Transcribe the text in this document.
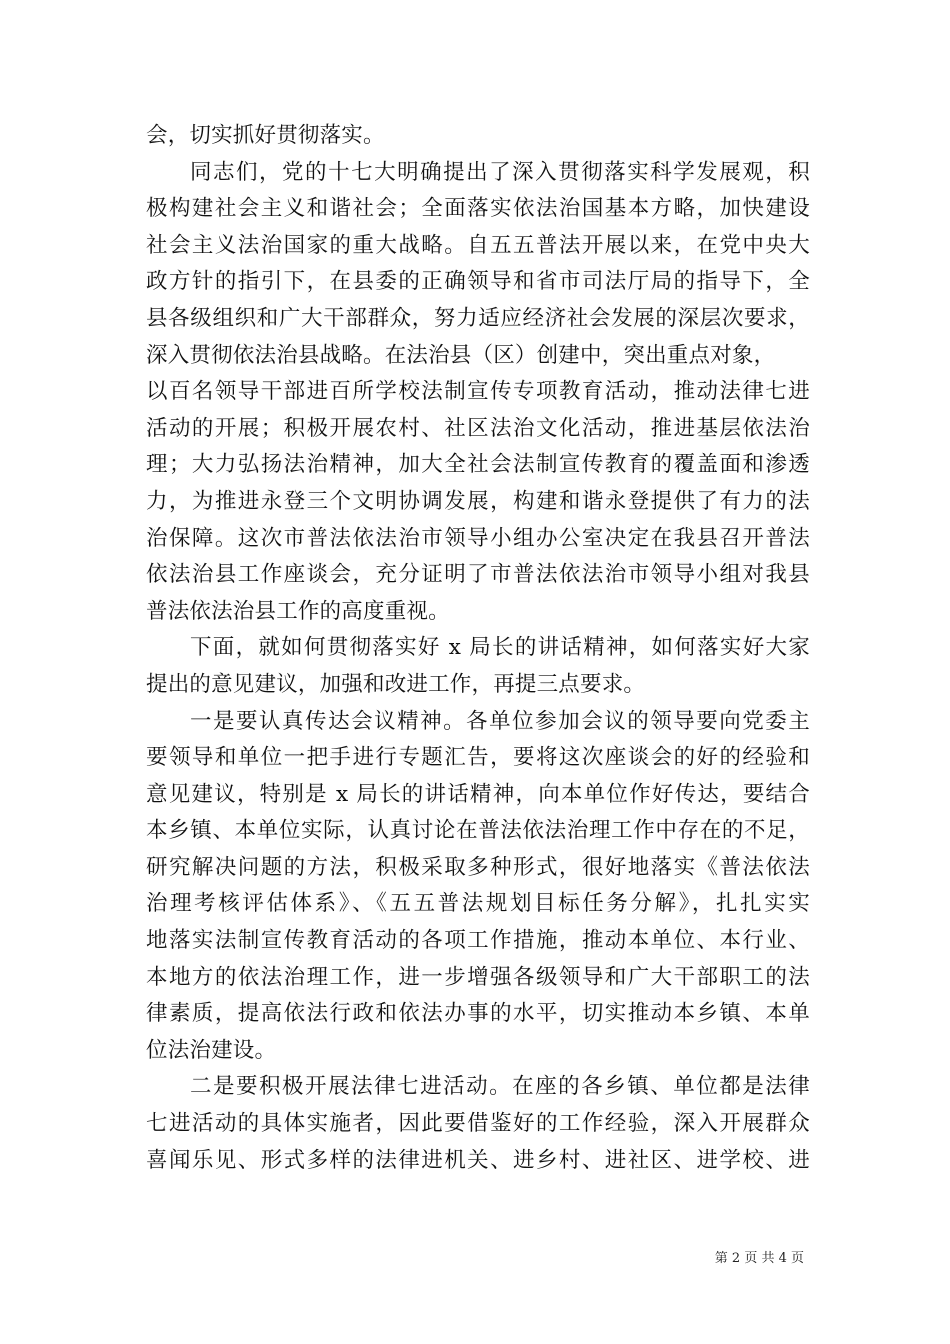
会，切实抓好贯彻落实。
同志们，党的十七大明确提出了深入贯彻落实科学发展观，积
极构建社会主义和谐社会；全面落实依法治国基本方略，加快建设
社会主义法治国家的重大战略。自五五普法开展以来，在党中央大
政方针的指引下，在县委的正确领导和省市司法厅局的指导下，全
县各级组织和广大干部群众，努力适应经济社会发展的深层次要求，
深入贯彻依法治县战略。在法治县（区）创建中，突出重点对象，
以百名领导干部进百所学校法制宣传专项教育活动，推动法律七进
活动的开展；积极开展农村、社区法治文化活动，推进基层依法治
理；大力弘扬法治精神，加大全社会法制宣传教育的覆盖面和渗透
力，为推进永登三个文明协调发展，构建和谐永登提供了有力的法
治保障。这次市普法依法治市领导小组办公室决定在我县召开普法
依法治县工作座谈会，充分证明了市普法依法治市领导小组对我县
普法依法治县工作的高度重视。
下面，就如何贯彻落实好 x 局长的讲话精神，如何落实好大家
提出的意见建议，加强和改进工作，再提三点要求。
一是要认真传达会议精神。各单位参加会议的领导要向党委主
要领导和单位一把手进行专题汇告，要将这次座谈会的好的经验和
意见建议，特别是 x 局长的讲话精神，向本单位作好传达，要结合
本乡镇、本单位实际，认真讨论在普法依法治理工作中存在的不足，
研究解决问题的方法，积极采取多种形式，很好地落实《普法依法
治理考核评估体系》、《五五普法规划目标任务分解》，扎扎实实
地落实法制宣传教育活动的各项工作措施，推动本单位、本行业、
本地方的依法治理工作，进一步增强各级领导和广大干部职工的法
律素质，提高依法行政和依法办事的水平，切实推动本乡镇、本单
位法治建设。
二是要积极开展法律七进活动。在座的各乡镇、单位都是法律
七进活动的具体实施者，因此要借鉴好的工作经验，深入开展群众
喜闻乐见、形式多样的法律进机关、进乡村、进社区、进学校、进
第 2 页 共 4 页
